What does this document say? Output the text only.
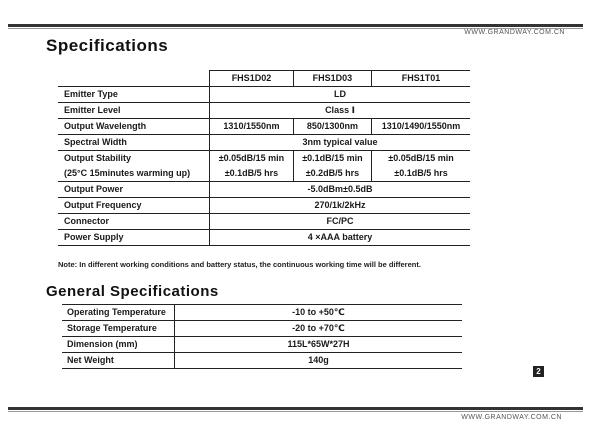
WWW.GRANDWAY.COM.CN
Specifications
	FHS1D02	FHS1D03	FHS1T01
Emitter Type	LD		
Emitter Level	Class Ⅰ		
Output Wavelength	1310/1550nm	850/1300nm	1310/1490/1550nm
Spectral Width	3nm typical value		
Output Stability	±0.05dB/15 min	±0.1dB/15 min	±0.05dB/15 min
(25°C 15minutes warming up)	±0.1dB/5 hrs	±0.2dB/5 hrs	±0.1dB/5 hrs
Output Power	-5.0dBm±0.5dB		
Output Frequency	270/1k/2kHz		
Connector	FC/PC		
Power Supply	4 ×AAA battery		
Note: In different working conditions and battery status, the continuous working time will be different.
General Specifications
Operating Temperature	-10 to +50℃
Storage Temperature	-20 to +70℃
Dimension (mm)	115L*65W*27H
Net Weight	140g
2
WWW.GRANDWAY.COM.CN
